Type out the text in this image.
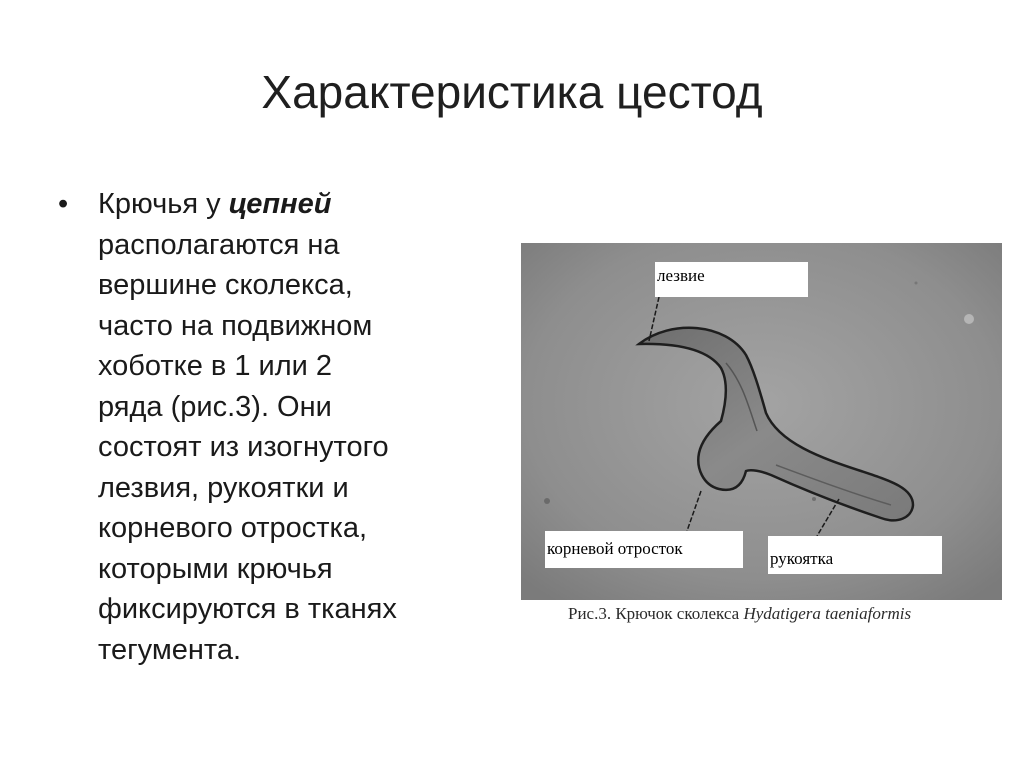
Характеристика цестод
• Крючья у цепней
располагаются на
вершине сколекса,
часто на подвижном
хоботке в 1 или 2
ряда (рис.3). Они
состоят из изогнутого
лезвия, рукоятки и
корневого отростка,
которыми крючья
фиксируются в тканях
тегумента.
лезвие
корневой отросток
рукоятка
Рис.3. Крючок сколекса Hydatigera taeniaformis
